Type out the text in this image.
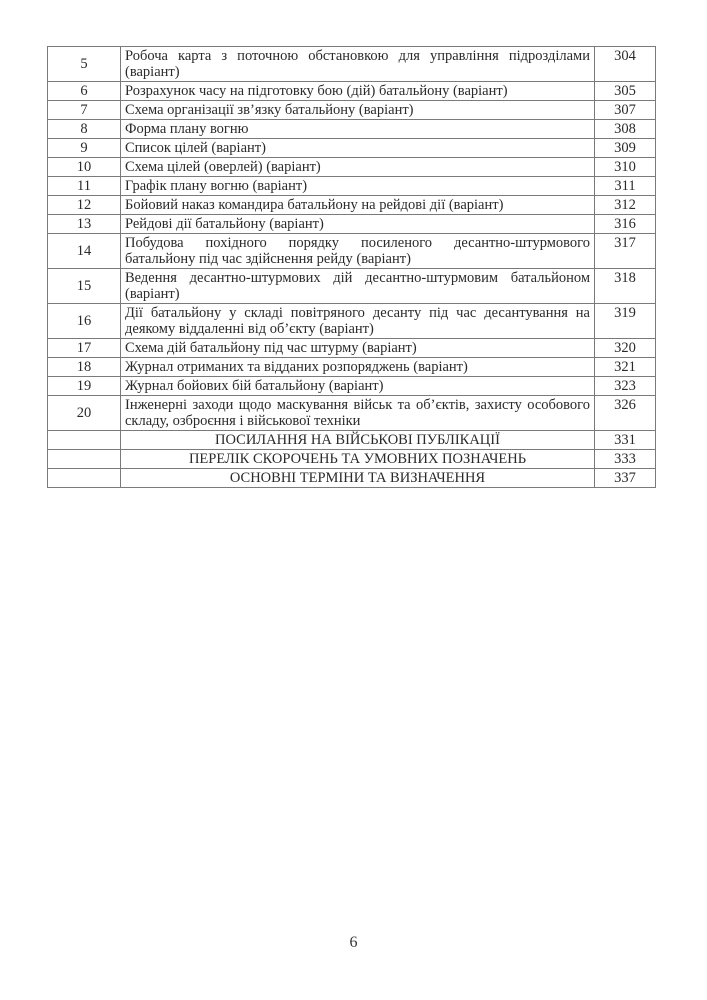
5	Робоча карта з поточною обстановкою для управління підрозділами (варіант)	304
6	Розрахунок часу на підготовку бою (дій) батальйону (варіант)	305
7	Схема організації зв’язку батальйону (варіант)	307
8	Форма плану вогню	308
9	Список цілей (варіант)	309
10	Схема цілей (оверлей) (варіант)	310
11	Графік плану вогню (варіант)	311
12	Бойовий наказ командира батальйону на рейдові дії (варіант)	312
13	Рейдові дії батальйону (варіант)	316
14	Побудова похідного порядку посиленого десантно-штурмового батальйону під час здійснення рейду (варіант)	317
15	Ведення десантно-штурмових дій десантно-штурмовим батальйоном (варіант)	318
16	Дії батальйону у складі повітряного десанту під час десантування на деякому віддаленні від об’єкту (варіант)	319
17	Схема дій батальйону під час штурму (варіант)	320
18	Журнал отриманих та відданих розпоряджень (варіант)	321
19	Журнал бойових бій батальйону (варіант)	323
20	Інженерні заходи щодо маскування військ та об’єктів, захисту особового складу, озброєння і військової техніки	326
	ПОСИЛАННЯ НА ВІЙСЬКОВІ ПУБЛІКАЦІЇ	331
	ПЕРЕЛІК СКОРОЧЕНЬ ТА УМОВНИХ ПОЗНАЧЕНЬ	333
	ОСНОВНІ ТЕРМІНИ ТА ВИЗНАЧЕННЯ	337
6
